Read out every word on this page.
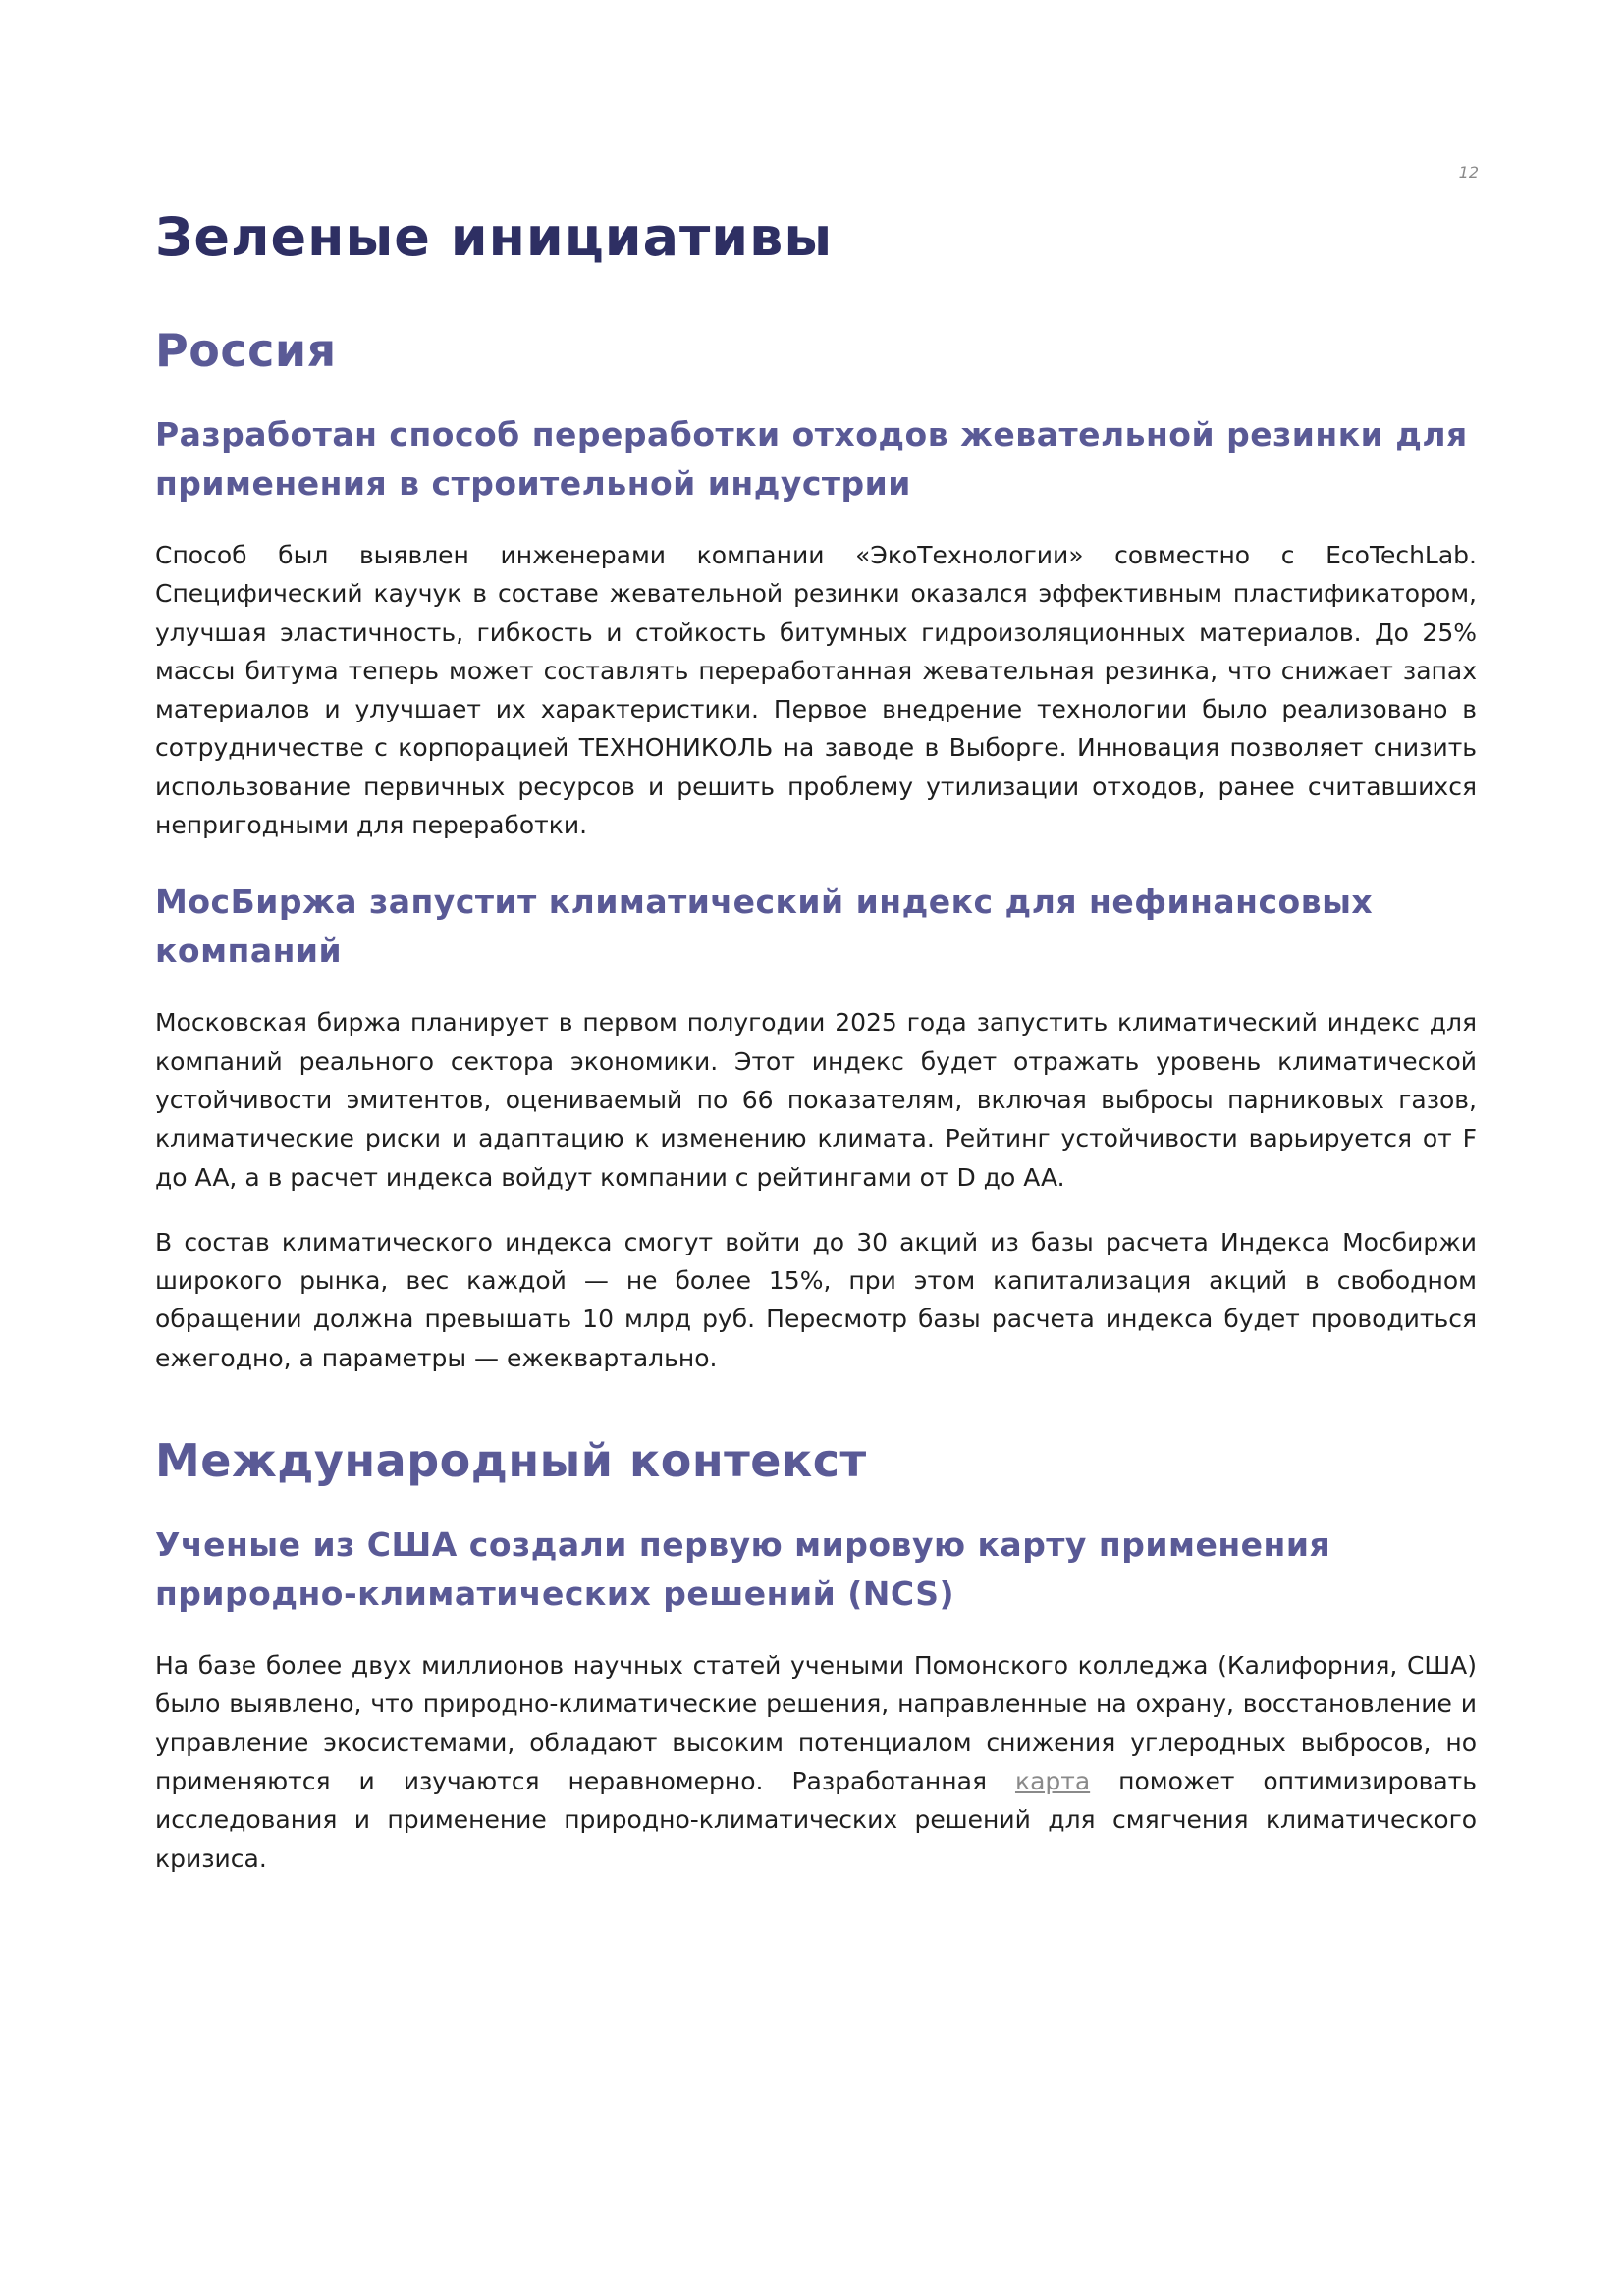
12
Зеленые инициативы
Россия
Разработан способ переработки отходов жевательной резинки для применения в строительной индустрии

Способ был выявлен инженерами компании «ЭкоТехнологии» совместно с EcoTechLab. Специфический каучук в составе жевательной резинки оказался эффективным пластификатором, улучшая эластичность, гибкость и стойкость битумных гидроизоляционных материалов. До 25% массы битума теперь может составлять переработанная жевательная резинка, что снижает запах материалов и улучшает их характеристики. Первое внедрение технологии было реализовано в сотрудничестве с корпорацией ТЕХНОНИКОЛЬ на заводе в Выборге. Инновация позволяет снизить использование первичных ресурсов и решить проблему утилизации отходов, ранее считавшихся непригодными для переработки.

МосБиржа запустит климатический индекс для нефинансовых компаний

Московская биржа планирует в первом полугодии 2025 года запустить климатический индекс для компаний реального сектора экономики. Этот индекс будет отражать уровень климатической устойчивости эмитентов, оцениваемый по 66 показателям, включая выбросы парниковых газов, климатические риски и адаптацию к изменению климата. Рейтинг устойчивости варьируется от F до AA, а в расчет индекса войдут компании с рейтингами от D до AA.

В состав климатического индекса смогут войти до 30 акций из базы расчета Индекса Мосбиржи широкого рынка, вес каждой — не более 15%, при этом капитализация акций в свободном обращении должна превышать 10 млрд руб. Пересмотр базы расчета индекса будет проводиться ежегодно, а параметры — ежеквартально.

Международный контекст
Ученые из США создали первую мировую карту применения природно-климатических решений (NCS)

На базе более двух миллионов научных статей учеными Помонского колледжа (Калифорния, США) было выявлено, что природно-климатические решения, направленные на охрану, восстановление и управление экосистемами, обладают высоким потенциалом снижения углеродных выбросов, но применяются и изучаются неравномерно. Разработанная карта поможет оптимизировать исследования и применение природно-климатических решений для смягчения климатического кризиса.
